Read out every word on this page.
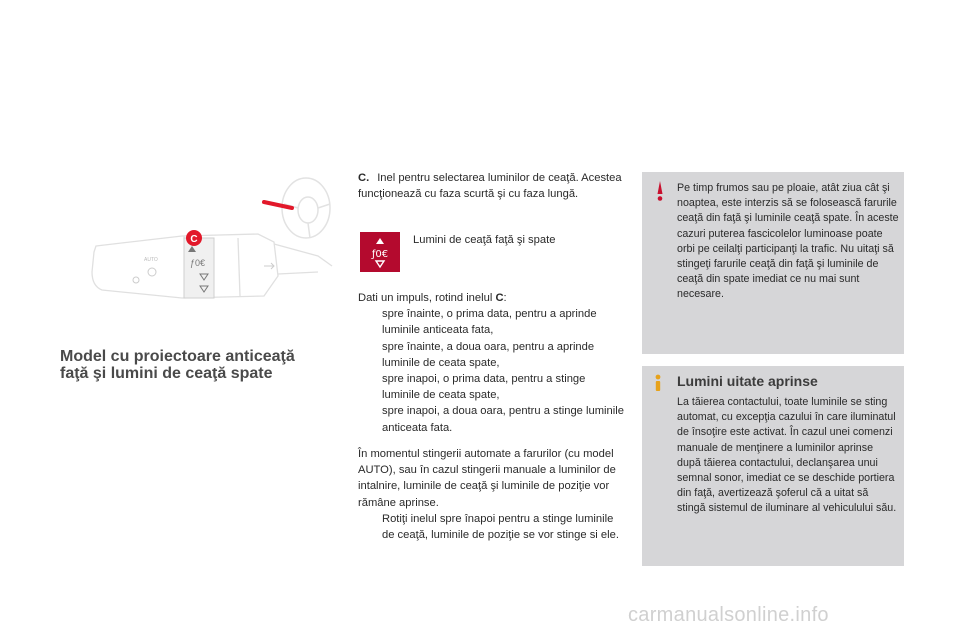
AUTO	ƒ0€
C
Model cu proiectoare anticeaţă
faţă şi lumini de ceaţă spate
C. Inel pentru selectarea luminilor de ceaţă. Acestea funcţionează cu faza scurtă şi cu faza lungă.
ƒ0€
Lumini de ceaţă faţă şi spate
Dati un impuls, rotind inelul C:
spre înainte, o prima data, pentru a aprinde luminile anticeata fata,
spre înainte, a doua oara, pentru a aprinde luminile de ceata spate,
spre inapoi, o prima data, pentru a stinge luminile de ceata spate,
spre inapoi, a doua oara, pentru a stinge luminile anticeata fata.
În momentul stingerii automate a farurilor (cu model AUTO), sau în cazul stingerii manuale a luminilor de intalnire, luminile de ceaţă şi luminile de poziţie vor rămâne aprinse.
Rotiţi inelul spre înapoi pentru a stinge luminile de ceaţă, luminile de poziţie se vor stinge si ele.
Pe timp frumos sau pe ploaie, atât ziua cât şi noaptea, este interzis să se folosească farurile ceaţă din faţă şi luminile ceaţă spate. În aceste cazuri puterea fascicolelor luminoase poate orbi pe ceilalţi participanţi la trafic. Nu uitaţi să stingeţi farurile ceaţă din faţă şi luminile de ceaţă din spate imediat ce nu mai sunt necesare.
Lumini uitate aprinse
La tăierea contactului, toate luminile se sting automat, cu excepţia cazului în care iluminatul de însoţire este activat. În cazul unei comenzi manuale de menţinere a luminilor aprinse după tăierea contactului, declanşarea unui semnal sonor, imediat ce se deschide portiera din faţă, avertizează şoferul că a uitat să stingă sistemul de iluminare al vehiculului său.
carmanualsonline.info
